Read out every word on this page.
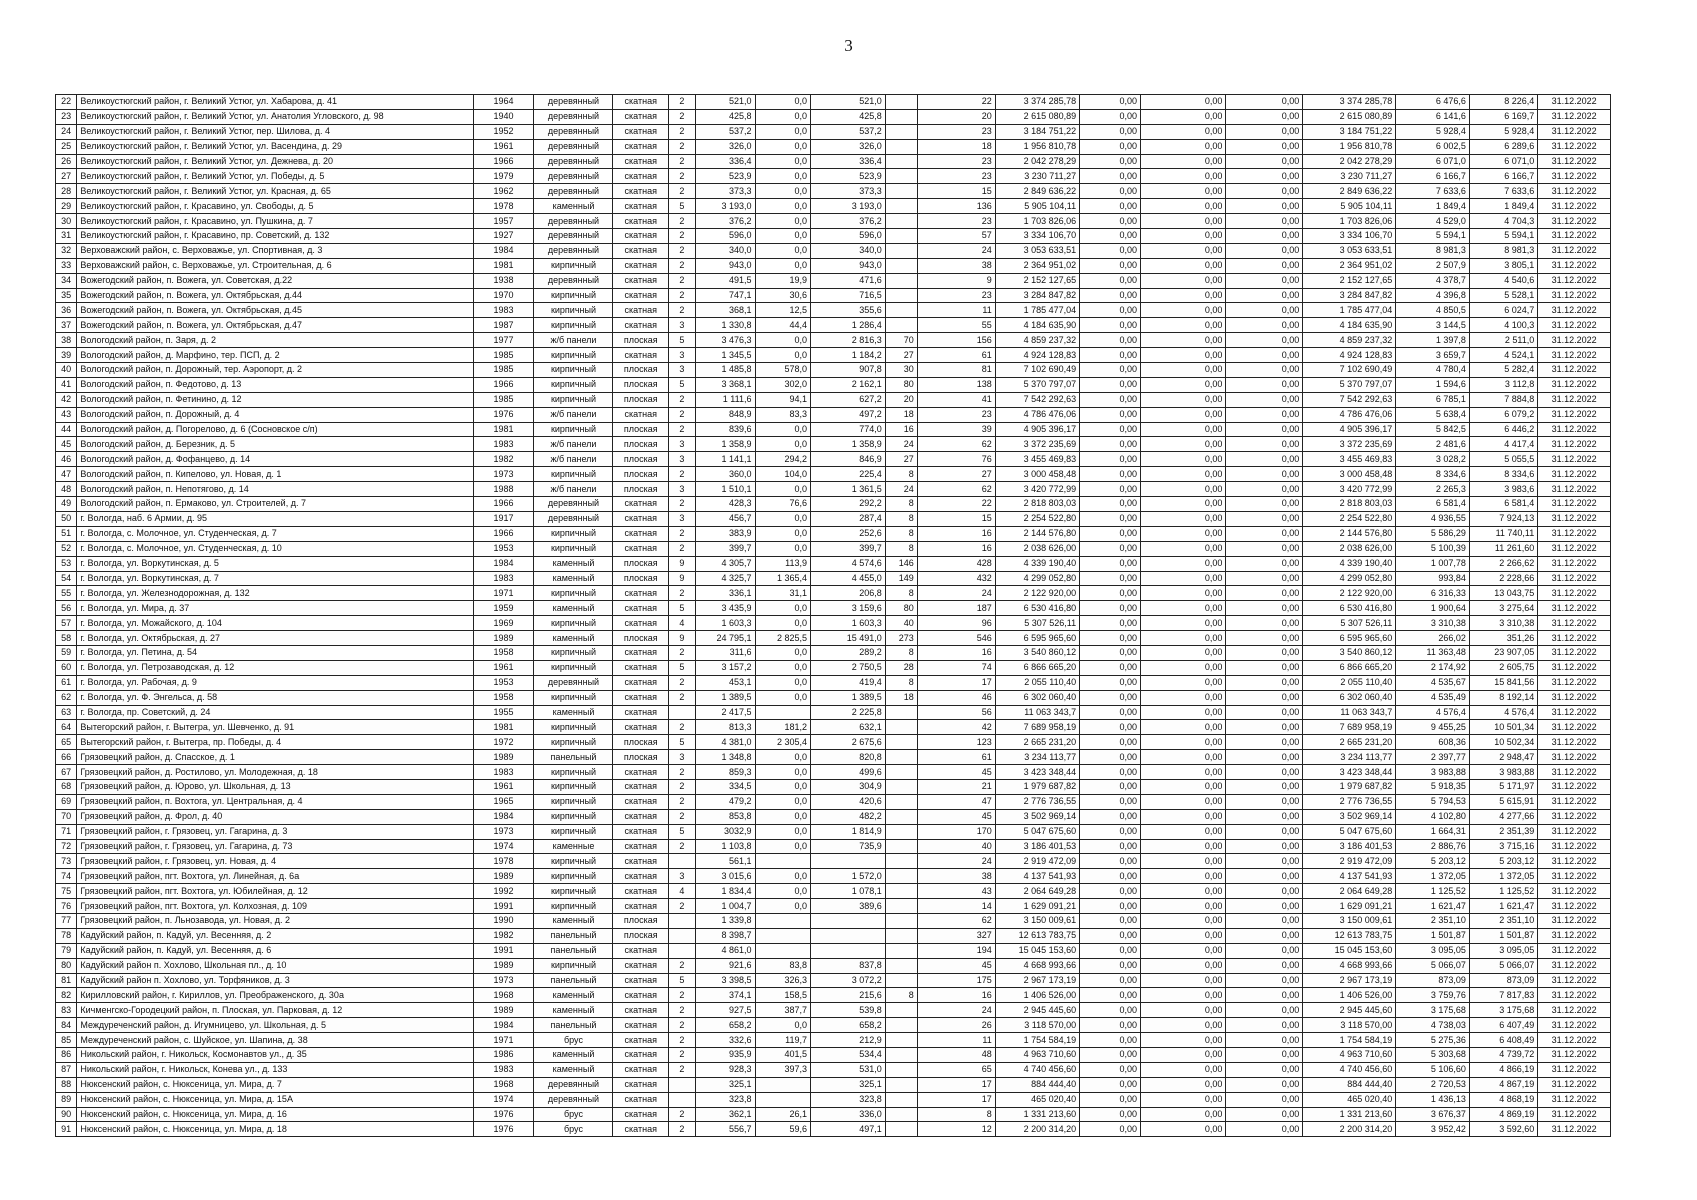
3
22	Великоустюгский район, г. Великий Устюг, ул. Хабарова, д. 41	1964	деревянный	скатная	2	521,0	0,0	521,0		22	3 374 285,78	0,00	0,00	0,00	3 374 285,78	6 476,6	8 226,4	31.12.2022
23	Великоустюгский район, г. Великий Устюг, ул. Анатолия Угловского, д. 98	1940	деревянный	скатная	2	425,8	0,0	425,8		20	2 615 080,89	0,00	0,00	0,00	2 615 080,89	6 141,6	6 169,7	31.12.2022
24	Великоустюгский район, г. Великий Устюг, пер. Шилова, д. 4	1952	деревянный	скатная	2	537,2	0,0	537,2		23	3 184 751,22	0,00	0,00	0,00	3 184 751,22	5 928,4	5 928,4	31.12.2022
25	Великоустюгский район, г. Великий Устюг, ул. Васендина, д. 29	1961	деревянный	скатная	2	326,0	0,0	326,0		18	1 956 810,78	0,00	0,00	0,00	1 956 810,78	6 002,5	6 289,6	31.12.2022
26	Великоустюгский район, г. Великий Устюг, ул. Дежнева, д. 20	1966	деревянный	скатная	2	336,4	0,0	336,4		23	2 042 278,29	0,00	0,00	0,00	2 042 278,29	6 071,0	6 071,0	31.12.2022
27	Великоустюгский район, г. Великий Устюг, ул. Победы, д. 5	1979	деревянный	скатная	2	523,9	0,0	523,9		23	3 230 711,27	0,00	0,00	0,00	3 230 711,27	6 166,7	6 166,7	31.12.2022
28	Великоустюгский район, г. Великий Устюг, ул. Красная, д. 65	1962	деревянный	скатная	2	373,3	0,0	373,3		15	2 849 636,22	0,00	0,00	0,00	2 849 636,22	7 633,6	7 633,6	31.12.2022
29	Великоустюгский район, г. Красавино, ул. Свободы, д. 5	1978	каменный	скатная	5	3 193,0	0,0	3 193,0		136	5 905 104,11	0,00	0,00	0,00	5 905 104,11	1 849,4	1 849,4	31.12.2022
30	Великоустюгский район, г. Красавино, ул. Пушкина, д. 7	1957	деревянный	скатная	2	376,2	0,0	376,2		23	1 703 826,06	0,00	0,00	0,00	1 703 826,06	4 529,0	4 704,3	31.12.2022
31	Великоустюгский район, г. Красавино, пр. Советский, д. 132	1927	деревянный	скатная	2	596,0	0,0	596,0		57	3 334 106,70	0,00	0,00	0,00	3 334 106,70	5 594,1	5 594,1	31.12.2022
32	Верховажский район, с. Верховажье, ул. Спортивная, д. 3	1984	деревянный	скатная	2	340,0	0,0	340,0		24	3 053 633,51	0,00	0,00	0,00	3 053 633,51	8 981,3	8 981,3	31.12.2022
33	Верховажский район, с. Верховажье, ул. Строительная, д. 6	1981	кирпичный	скатная	2	943,0	0,0	943,0		38	2 364 951,02	0,00	0,00	0,00	2 364 951,02	2 507,9	3 805,1	31.12.2022
34	Вожегодский район, п. Вожега, ул. Советская, д.22	1938	деревянный	скатная	2	491,5	19,9	471,6		9	2 152 127,65	0,00	0,00	0,00	2 152 127,65	4 378,7	4 540,6	31.12.2022
35	Вожегодский район, п. Вожега, ул. Октябрьская, д.44	1970	кирпичный	скатная	2	747,1	30,6	716,5		23	3 284 847,82	0,00	0,00	0,00	3 284 847,82	4 396,8	5 528,1	31.12.2022
36	Вожегодский район, п. Вожега, ул. Октябрьская, д.45	1983	кирпичный	скатная	2	368,1	12,5	355,6		11	1 785 477,04	0,00	0,00	0,00	1 785 477,04	4 850,5	6 024,7	31.12.2022
37	Вожегодский район, п. Вожега, ул. Октябрьская, д.47	1987	кирпичный	скатная	3	1 330,8	44,4	1 286,4		55	4 184 635,90	0,00	0,00	0,00	4 184 635,90	3 144,5	4 100,3	31.12.2022
38	Вологодский район, п. Заря, д. 2	1977	ж/б панели	плоская	5	3 476,3	0,0	2 816,3	70	156	4 859 237,32	0,00	0,00	0,00	4 859 237,32	1 397,8	2 511,0	31.12.2022
39	Вологодский район, д. Марфино, тер. ПСП, д. 2	1985	кирпичный	скатная	3	1 345,5	0,0	1 184,2	27	61	4 924 128,83	0,00	0,00	0,00	4 924 128,83	3 659,7	4 524,1	31.12.2022
40	Вологодский район, п. Дорожный, тер. Аэропорт, д. 2	1985	кирпичный	плоская	3	1 485,8	578,0	907,8	30	81	7 102 690,49	0,00	0,00	0,00	7 102 690,49	4 780,4	5 282,4	31.12.2022
41	Вологодский район, п. Федотово, д. 13	1966	кирпичный	плоская	5	3 368,1	302,0	2 162,1	80	138	5 370 797,07	0,00	0,00	0,00	5 370 797,07	1 594,6	3 112,8	31.12.2022
42	Вологодский район, п. Фетинино, д. 12	1985	кирпичный	плоская	2	1 111,6	94,1	627,2	20	41	7 542 292,63	0,00	0,00	0,00	7 542 292,63	6 785,1	7 884,8	31.12.2022
43	Вологодский район, п. Дорожный, д. 4	1976	ж/б панели	скатная	2	848,9	83,3	497,2	18	23	4 786 476,06	0,00	0,00	0,00	4 786 476,06	5 638,4	6 079,2	31.12.2022
44	Вологодский район, д. Погорелово, д. 6 (Сосновское с/п)	1981	кирпичный	плоская	2	839,6	0,0	774,0	16	39	4 905 396,17	0,00	0,00	0,00	4 905 396,17	5 842,5	6 446,2	31.12.2022
45	Вологодский район, д. Березник, д. 5	1983	ж/б панели	плоская	3	1 358,9	0,0	1 358,9	24	62	3 372 235,69	0,00	0,00	0,00	3 372 235,69	2 481,6	4 417,4	31.12.2022
46	Вологодский район, д. Фофанцево, д. 14	1982	ж/б панели	плоская	3	1 141,1	294,2	846,9	27	76	3 455 469,83	0,00	0,00	0,00	3 455 469,83	3 028,2	5 055,5	31.12.2022
47	Вологодский район, п. Кипелово, ул. Новая, д. 1	1973	кирпичный	плоская	2	360,0	104,0	225,4	8	27	3 000 458,48	0,00	0,00	0,00	3 000 458,48	8 334,6	8 334,6	31.12.2022
48	Вологодский район, п. Непотягово, д. 14	1988	ж/б панели	плоская	3	1 510,1	0,0	1 361,5	24	62	3 420 772,99	0,00	0,00	0,00	3 420 772,99	2 265,3	3 983,6	31.12.2022
49	Вологодский район, п. Ермаково, ул. Строителей, д. 7	1966	деревянный	скатная	2	428,3	76,6	292,2	8	22	2 818 803,03	0,00	0,00	0,00	2 818 803,03	6 581,4	6 581,4	31.12.2022
50	г. Вологда, наб. 6 Армии, д. 95	1917	деревянный	скатная	3	456,7	0,0	287,4	8	15	2 254 522,80	0,00	0,00	0,00	2 254 522,80	4 936,55	7 924,13	31.12.2022
51	г. Вологда, с. Молочное, ул. Студенческая, д. 7	1966	кирпичный	скатная	2	383,9	0,0	252,6	8	16	2 144 576,80	0,00	0,00	0,00	2 144 576,80	5 586,29	11 740,11	31.12.2022
52	г. Вологда, с. Молочное, ул. Студенческая, д. 10	1953	кирпичный	скатная	2	399,7	0,0	399,7	8	16	2 038 626,00	0,00	0,00	0,00	2 038 626,00	5 100,39	11 261,60	31.12.2022
53	г. Вологда, ул. Воркутинская, д. 5	1984	каменный	плоская	9	4 305,7	113,9	4 574,6	146	428	4 339 190,40	0,00	0,00	0,00	4 339 190,40	1 007,78	2 266,62	31.12.2022
54	г. Вологда, ул. Воркутинская, д. 7	1983	каменный	плоская	9	4 325,7	1 365,4	4 455,0	149	432	4 299 052,80	0,00	0,00	0,00	4 299 052,80	993,84	2 228,66	31.12.2022
55	г. Вологда, ул. Железнодорожная, д. 132	1971	кирпичный	скатная	2	336,1	31,1	206,8	8	24	2 122 920,00	0,00	0,00	0,00	2 122 920,00	6 316,33	13 043,75	31.12.2022
56	г. Вологда, ул. Мира, д. 37	1959	каменный	скатная	5	3 435,9	0,0	3 159,6	80	187	6 530 416,80	0,00	0,00	0,00	6 530 416,80	1 900,64	3 275,64	31.12.2022
57	г. Вологда, ул. Можайского, д. 104	1969	кирпичный	скатная	4	1 603,3	0,0	1 603,3	40	96	5 307 526,11	0,00	0,00	0,00	5 307 526,11	3 310,38	3 310,38	31.12.2022
58	г. Вологда, ул. Октябрьская, д. 27	1989	каменный	плоская	9	24 795,1	2 825,5	15 491,0	273	546	6 595 965,60	0,00	0,00	0,00	6 595 965,60	266,02	351,26	31.12.2022
59	г. Вологда, ул. Петина, д. 54	1958	кирпичный	скатная	2	311,6	0,0	289,2	8	16	3 540 860,12	0,00	0,00	0,00	3 540 860,12	11 363,48	23 907,05	31.12.2022
60	г. Вологда, ул. Петрозаводская, д. 12	1961	кирпичный	скатная	5	3 157,2	0,0	2 750,5	28	74	6 866 665,20	0,00	0,00	0,00	6 866 665,20	2 174,92	2 605,75	31.12.2022
61	г. Вологда, ул. Рабочая, д. 9	1953	деревянный	скатная	2	453,1	0,0	419,4	8	17	2 055 110,40	0,00	0,00	0,00	2 055 110,40	4 535,67	15 841,56	31.12.2022
62	г. Вологда, ул. Ф. Энгельса, д. 58	1958	кирпичный	скатная	2	1 389,5	0,0	1 389,5	18	46	6 302 060,40	0,00	0,00	0,00	6 302 060,40	4 535,49	8 192,14	31.12.2022
63	г. Вологда, пр. Советский, д. 24	1955	каменный	скатная		2 417,5		2 225,8		56	11 063 343,7	0,00	0,00	0,00	11 063 343,7	4 576,4	4 576,4	31.12.2022
64	Вытегорский район, г. Вытегра, ул. Шевченко, д. 91	1981	кирпичный	скатная	2	813,3	181,2	632,1		42	7 689 958,19	0,00	0,00	0,00	7 689 958,19	9 455,25	10 501,34	31.12.2022
65	Вытегорский район, г. Вытегра, пр. Победы, д. 4	1972	кирпичный	плоская	5	4 381,0	2 305,4	2 675,6		123	2 665 231,20	0,00	0,00	0,00	2 665 231,20	608,36	10 502,34	31.12.2022
66	Грязовецкий район, д. Спасское, д. 1	1989	панельный	плоская	3	1 348,8	0,0	820,8		61	3 234 113,77	0,00	0,00	0,00	3 234 113,77	2 397,77	2 948,47	31.12.2022
67	Грязовецкий район, д. Ростилово, ул. Молодежная, д. 18	1983	кирпичный	скатная	2	859,3	0,0	499,6		45	3 423 348,44	0,00	0,00	0,00	3 423 348,44	3 983,88	3 983,88	31.12.2022
68	Грязовецкий район, д. Юрово, ул. Школьная, д. 13	1961	кирпичный	скатная	2	334,5	0,0	304,9		21	1 979 687,82	0,00	0,00	0,00	1 979 687,82	5 918,35	5 171,97	31.12.2022
69	Грязовецкий район, п. Вохтога, ул. Центральная, д. 4	1965	кирпичный	скатная	2	479,2	0,0	420,6		47	2 776 736,55	0,00	0,00	0,00	2 776 736,55	5 794,53	5 615,91	31.12.2022
70	Грязовецкий район, д. Фрол, д. 40	1984	кирпичный	скатная	2	853,8	0,0	482,2		45	3 502 969,14	0,00	0,00	0,00	3 502 969,14	4 102,80	4 277,66	31.12.2022
71	Грязовецкий район, г. Грязовец, ул. Гагарина, д. 3	1973	кирпичный	скатная	5	3032,9	0,0	1 814,9		170	5 047 675,60	0,00	0,00	0,00	5 047 675,60	1 664,31	2 351,39	31.12.2022
72	Грязовецкий район, г. Грязовец, ул. Гагарина, д. 73	1974	каменные	скатная	2	1 103,8	0,0	735,9		40	3 186 401,53	0,00	0,00	0,00	3 186 401,53	2 886,76	3 715,16	31.12.2022
73	Грязовецкий район, г. Грязовец, ул. Новая, д. 4	1978	кирпичный	скатная		561,1				24	2 919 472,09	0,00	0,00	0,00	2 919 472,09	5 203,12	5 203,12	31.12.2022
74	Грязовецкий район, пгт. Вохтога, ул. Линейная, д. 6а	1989	кирпичный	скатная	3	3 015,6	0,0	1 572,0		38	4 137 541,93	0,00	0,00	0,00	4 137 541,93	1 372,05	1 372,05	31.12.2022
75	Грязовецкий район, пгт. Вохтога, ул. Юбилейная, д. 12	1992	кирпичный	скатная	4	1 834,4	0,0	1 078,1		43	2 064 649,28	0,00	0,00	0,00	2 064 649,28	1 125,52	1 125,52	31.12.2022
76	Грязовецкий район, пгт. Вохтога, ул. Колхозная, д. 109	1991	кирпичный	скатная	2	1 004,7	0,0	389,6		14	1 629 091,21	0,00	0,00	0,00	1 629 091,21	1 621,47	1 621,47	31.12.2022
77	Грязовецкий район, п. Льнозавода, ул. Новая, д. 2	1990	каменный	плоская		1 339,8				62	3 150 009,61	0,00	0,00	0,00	3 150 009,61	2 351,10	2 351,10	31.12.2022
78	Кадуйский район, п. Кадуй, ул. Весенняя, д. 2	1982	панельный	плоская		8 398,7				327	12 613 783,75	0,00	0,00	0,00	12 613 783,75	1 501,87	1 501,87	31.12.2022
79	Кадуйский район, п. Кадуй, ул. Весенняя, д. 6	1991	панельный	скатная		4 861,0				194	15 045 153,60	0,00	0,00	0,00	15 045 153,60	3 095,05	3 095,05	31.12.2022
80	Кадуйский район п. Хохлово, Школьная пл., д. 10	1989	кирпичный	скатная	2	921,6	83,8	837,8		45	4 668 993,66	0,00	0,00	0,00	4 668 993,66	5 066,07	5 066,07	31.12.2022
81	Кадуйский район п. Хохлово, ул. Торфяников, д. 3	1973	панельный	скатная	5	3 398,5	326,3	3 072,2		175	2 967 173,19	0,00	0,00	0,00	2 967 173,19	873,09	873,09	31.12.2022
82	Кирилловский район, г. Кириллов, ул. Преображенского, д. 30а	1968	каменный	скатная	2	374,1	158,5	215,6	8	16	1 406 526,00	0,00	0,00	0,00	1 406 526,00	3 759,76	7 817,83	31.12.2022
83	Кичменгско-Городецкий район, п. Плоская, ул. Парковая, д. 12	1989	каменный	скатная	2	927,5	387,7	539,8		24	2 945 445,60	0,00	0,00	0,00	2 945 445,60	3 175,68	3 175,68	31.12.2022
84	Междуреченский район, д. Игумницево, ул. Школьная, д. 5	1984	панельный	скатная	2	658,2	0,0	658,2		26	3 118 570,00	0,00	0,00	0,00	3 118 570,00	4 738,03	6 407,49	31.12.2022
85	Междуреченский район, с. Шуйское, ул. Шапина, д. 38	1971	брус	скатная	2	332,6	119,7	212,9		11	1 754 584,19	0,00	0,00	0,00	1 754 584,19	5 275,36	6 408,49	31.12.2022
86	Никольский район, г. Никольск, Космонавтов ул., д. 35	1986	каменный	скатная	2	935,9	401,5	534,4		48	4 963 710,60	0,00	0,00	0,00	4 963 710,60	5 303,68	4 739,72	31.12.2022
87	Никольский район, г. Никольск, Конева ул., д. 133	1983	каменный	скатная	2	928,3	397,3	531,0		65	4 740 456,60	0,00	0,00	0,00	4 740 456,60	5 106,60	4 866,19	31.12.2022
88	Нюксенский район, с. Нюксеница, ул. Мира, д. 7	1968	деревянный	скатная		325,1		325,1		17	884 444,40	0,00	0,00	0,00	884 444,40	2 720,53	4 867,19	31.12.2022
89	Нюксенский район, с. Нюксеница, ул. Мира, д. 15А	1974	деревянный	скатная		323,8		323,8		17	465 020,40	0,00	0,00	0,00	465 020,40	1 436,13	4 868,19	31.12.2022
90	Нюксенский район, с. Нюксеница, ул. Мира, д. 16	1976	брус	скатная	2	362,1	26,1	336,0		8	1 331 213,60	0,00	0,00	0,00	1 331 213,60	3 676,37	4 869,19	31.12.2022
91	Нюксенский район, с. Нюксеница, ул. Мира, д. 18	1976	брус	скатная	2	556,7	59,6	497,1		12	2 200 314,20	0,00	0,00	0,00	2 200 314,20	3 952,42	3 592,60	31.12.2022
